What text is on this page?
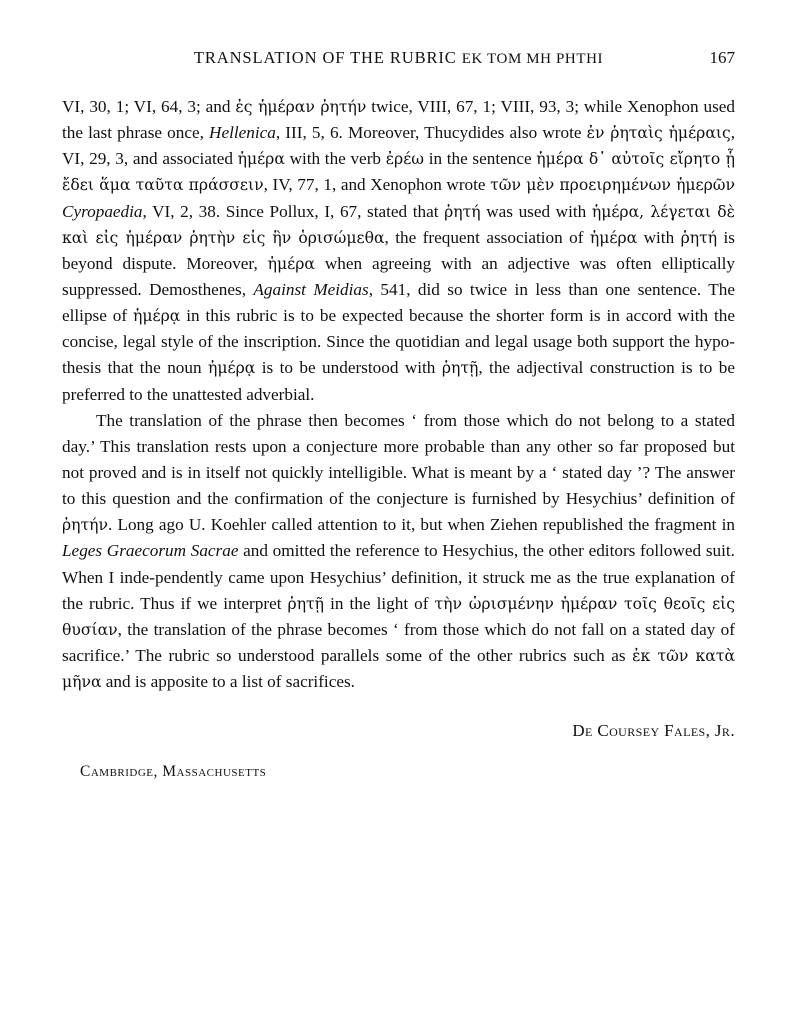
TRANSLATION OF THE RUBRIC EK TOM MH PHTHI	167

VI, 30, 1; VI, 64, 3; and ἐς ἡμέραν ῥητήν twice, VIII, 67, 1; VIII, 93, 3; while Xenophon used the last phrase once, Hellenica, III, 5, 6. Moreover, Thucydides also wrote ἐν ῥηταὶς ἡμέραις, VI, 29, 3, and associated ἡμέρα with the verb ἐρέω in the sentence ἡμέρα δ᾽ αὐτοῖς εἴρητο ᾗ ἔδει ἅμα ταῦτα πράσσειν, IV, 77, 1, and Xenophon wrote τῶν μὲν προειρημένων ἡμερῶν Cyropaedia, VI, 2, 38. Since Pollux, I, 67, stated that ῥητή was used with ἡμέρα, λέγεται δὲ καὶ εἰς ἡμέραν ῥητὴν εἰς ἣν ὁρισώμεθα, the frequent association of ἡμέρα with ῥητή is beyond dispute. Moreover, ἡμέρα when agreeing with an adjective was often elliptically suppressed. Demosthenes, Against Meidias, 541, did so twice in less than one sentence. The ellipse of ἡμέρᾳ in this rubric is to be expected because the shorter form is in accord with the concise, legal style of the inscription. Since the quotidian and legal usage both support the hypo-thesis that the noun ἡμέρᾳ is to be understood with ῥητῇ, the adjectival construction is to be preferred to the unattested adverbial.

The translation of the phrase then becomes ‘ from those which do not belong to a stated day.’ This translation rests upon a conjecture more probable than any other so far proposed but not proved and is in itself not quickly intelligible. What is meant by a ‘ stated day ’? The answer to this question and the confirmation of the conjecture is furnished by Hesychius’ definition of ῥητήν. Long ago U. Koehler called attention to it, but when Ziehen republished the fragment in Leges Graecorum Sacrae and omitted the reference to Hesychius, the other editors followed suit. When I inde-pendently came upon Hesychius’ definition, it struck me as the true explanation of the rubric. Thus if we interpret ῥητῇ in the light of τὴν ὡρισμένην ἡμέραν τοῖς θεοῖς εἰς θυσίαν, the translation of the phrase becomes ‘ from those which do not fall on a stated day of sacrifice.’ The rubric so understood parallels some of the other rubrics such as ἐκ τῶν κατὰ μῆνα and is apposite to a list of sacrifices.

De Coursey Fales, Jr.
Cambridge, Massachusetts
